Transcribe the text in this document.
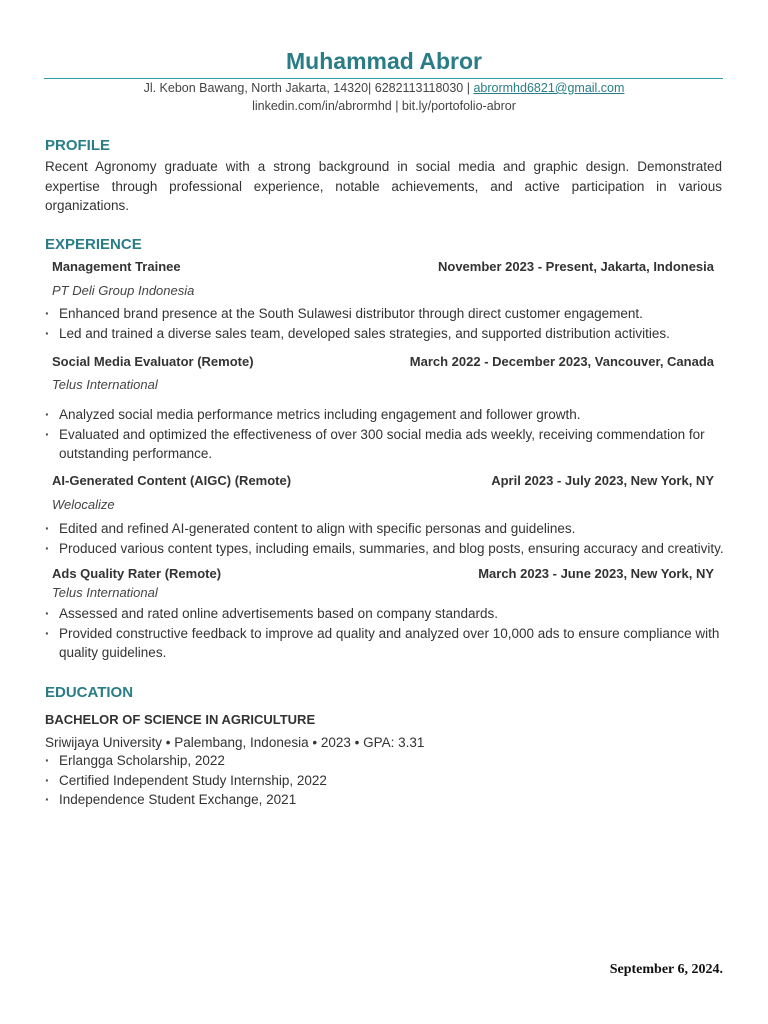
Muhammad Abror
Jl. Kebon Bawang, North Jakarta, 14320| 6282113118030 | abrormhd6821@gmail.com
linkedin.com/in/abrormhd | bit.ly/portofolio-abror
PROFILE
Recent Agronomy graduate with a strong background in social media and graphic design. Demonstrated expertise through professional experience, notable achievements, and active participation in various organizations.
EXPERIENCE
Management Trainee	November 2023 - Present, Jakarta, Indonesia
PT Deli Group Indonesia
· Enhanced brand presence at the South Sulawesi distributor through direct customer engagement.
· Led and trained a diverse sales team, developed sales strategies, and supported distribution activities.
Social Media Evaluator (Remote)	March 2022 - December 2023, Vancouver, Canada
Telus International
· Analyzed social media performance metrics including engagement and follower growth.
· Evaluated and optimized the effectiveness of over 300 social media ads weekly, receiving commendation for outstanding performance.
AI-Generated Content (AIGC) (Remote)	April 2023 - July 2023, New York, NY
Welocalize
· Edited and refined AI-generated content to align with specific personas and guidelines.
· Produced various content types, including emails, summaries, and blog posts, ensuring accuracy and creativity.
Ads Quality Rater (Remote)	March 2023 - June 2023, New York, NY
Telus International
· Assessed and rated online advertisements based on company standards.
· Provided constructive feedback to improve ad quality and analyzed over 10,000 ads to ensure compliance with quality guidelines.
EDUCATION
BACHELOR OF SCIENCE IN AGRICULTURE
Sriwijaya University • Palembang, Indonesia • 2023 • GPA: 3.31
· Erlangga Scholarship, 2022
· Certified Independent Study Internship, 2022
· Independence Student Exchange, 2021
September 6, 2024.
